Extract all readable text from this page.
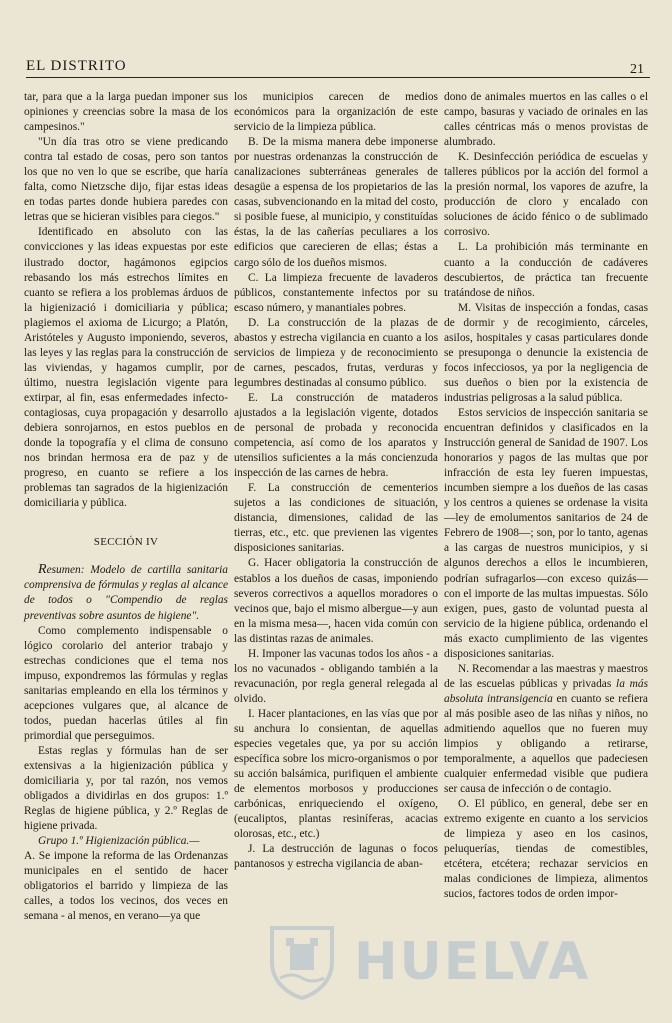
EL DISTRITO	21

tar, para que a la larga puedan imponer sus opiniones y creencias sobre la masa de los campesinos."

"Un día tras otro se viene predicando contra tal estado de cosas, pero son tantos los que no ven lo que se escribe, que haría falta, como Nietzsche dijo, fijar estas ideas en todas partes donde hubiera paredes con letras que se hicieran visibles para ciegos."

Identificado en absoluto con las convicciones y las ideas expuestas por este ilustrado doctor, hagámonos egipcios rebasando los más estrechos límites en cuanto se refiera a los problemas árduos de la higienizació i domiciliaria y pública; plagiemos el axioma de Licurgo; a Platón, Aristóteles y Augusto imponiendo, severos, las leyes y las reglas para la construcción de las viviendas, y hagamos cumplir, por último, nuestra legislación vigente para extirpar, al fin, esas enfermedades infecto-contagiosas, cuya propagación y desarrollo debiera sonrojarnos, en estos pueblos en donde la topografía y el clima de consuno nos brindan hermosa era de paz y de progreso, en cuanto se refiere a los problemas tan sagrados de la higienización domiciliaria y pública.

SECCIÓN IV

Resumen: Modelo de cartilla sanitaria comprensiva de fórmulas y reglas al alcance de todos o "Compendio de reglas preventivas sobre asuntos de higiene".

Como complemento indispensable o lógico corolario del anterior trabajo y estrechas condiciones que el tema nos impuso, expondremos las fórmulas y reglas sanitarias empleando en ella los términos y acepciones vulgares que, al alcance de todos, puedan hacerlas útiles al fin primordial que perseguimos.

Estas reglas y fórmulas han de ser extensivas a la higienización pública y domiciliaria y, por tal razón, nos vemos obligados a dividirlas en dos grupos: 1.º Reglas de higiene pública, y 2.º Reglas de higiene privada.

Grupo 1.º Higienización pública.—

A. Se impone la reforma de las Ordenanzas municipales en el sentido de hacer obligatorios el barrido y limpieza de las calles, a todos los vecinos, dos veces en semana - al menos, en verano—ya que

los municipios carecen de medios económicos para la organización de este servicio de la limpieza pública.

B. De la misma manera debe imponerse por nuestras ordenanzas la construcción de canalizaciones subterráneas generales de desagüe a espensa de los propietarios de las casas, subvencionando en la mitad del costo, si posible fuese, al municipio, y constituídas éstas, la de las cañerías peculiares a los edificios que carecieren de ellas; éstas a cargo sólo de los dueños mismos.

C. La limpieza frecuente de lavaderos públicos, constantemente infectos por su escaso número, y manantiales pobres.

D. La construcción de la plazas de abastos y estrecha vigilancia en cuanto a los servicios de limpieza y de reconocimiento de carnes, pescados, frutas, verduras y legumbres destinadas al consumo público.

E. La construcción de mataderos ajustados a la legislación vigente, dotados de personal de probada y reconocida competencia, así como de los aparatos y utensilios suficientes a la más concienzuda inspección de las carnes de hebra.

F. La construcción de cementerios sujetos a las condiciones de situación, distancia, dimensiones, calidad de las tierras, etc., etc. que previenen las vigentes disposiciones sanitarias.

G. Hacer obligatoria la construcción de establos a los dueños de casas, imponiendo severos correctivos a aquellos moradores o vecinos que, bajo el mismo albergue—y aun en la misma mesa—, hacen vida común con las distintas razas de animales.

H. Imponer las vacunas todos los años - a los no vacunados - obligando también a la revacunación, por regla general relegada al olvido.

I. Hacer plantaciones, en las vías que por su anchura lo consientan, de aquellas especies vegetales que, ya por su acción específica sobre los micro-organismos o por su acción balsámica, purifiquen el ambiente de elementos morbosos y producciones carbónicas, enriqueciendo el oxígeno, (eucaliptos, plantas resiníferas, acacias olorosas, etc., etc.)

J. La destrucción de lagunas o focos pantanosos y estrecha vigilancia de aban-

dono de animales muertos en las calles o el campo, basuras y vaciado de orinales en las calles céntricas más o menos provistas de alumbrado.

K. Desinfección periódica de escuelas y talleres públicos por la acción del formol a la presión normal, los vapores de azufre, la producción de cloro y encalado con soluciones de ácido fénico o de sublimado corrosivo.

L. La prohibición más terminante en cuanto a la conducción de cadáveres descubiertos, de práctica tan frecuente tratándose de niños.

M. Visitas de inspección a fondas, casas de dormir y de recogimiento, cárceles, asilos, hospitales y casas particulares donde se presuponga o denuncie la existencia de focos infecciosos, ya por la negligencia de sus dueños o bien por la existencia de industrias peligrosas a la salud pública.

Estos servicios de inspección sanitaria se encuentran definidos y clasificados en la Instrucción general de Sanidad de 1907. Los honorarios y pagos de las multas que por infracción de esta ley fueren impuestas, incumben siempre a los dueños de las casas y los centros a quienes se ordenase la visita—ley de emolumentos sanitarios de 24 de Febrero de 1908—; son, por lo tanto, agenas a las cargas de nuestros municipios, y si algunos derechos a ellos le incumbieren, podrían sufragarlos—con exceso quizás—con el importe de las multas impuestas. Sólo exigen, pues, gasto de voluntad puesta al servicio de la higiene pública, ordenando el más exacto cumplimiento de las vigentes disposiciones sanitarias.

N. Recomendar a las maestras y maestros de las escuelas públicas y privadas la más absoluta intransigencia en cuanto se refiera al más posible aseo de las niñas y niños, no admitiendo aquellos que no fueren muy limpios y obligando a retirarse, temporalmente, a aquellos que padeciesen cualquier enfermedad visible que pudiera ser causa de infección o de contagio.

O. El público, en general, debe ser en extremo exigente en cuanto a los servicios de limpieza y aseo en los casinos, peluquerías, tiendas de comestibles, etcétera, etcétera; rechazar servicios en malas condiciones de limpieza, alimentos sucios, factores todos de orden impor-

HUELVA
